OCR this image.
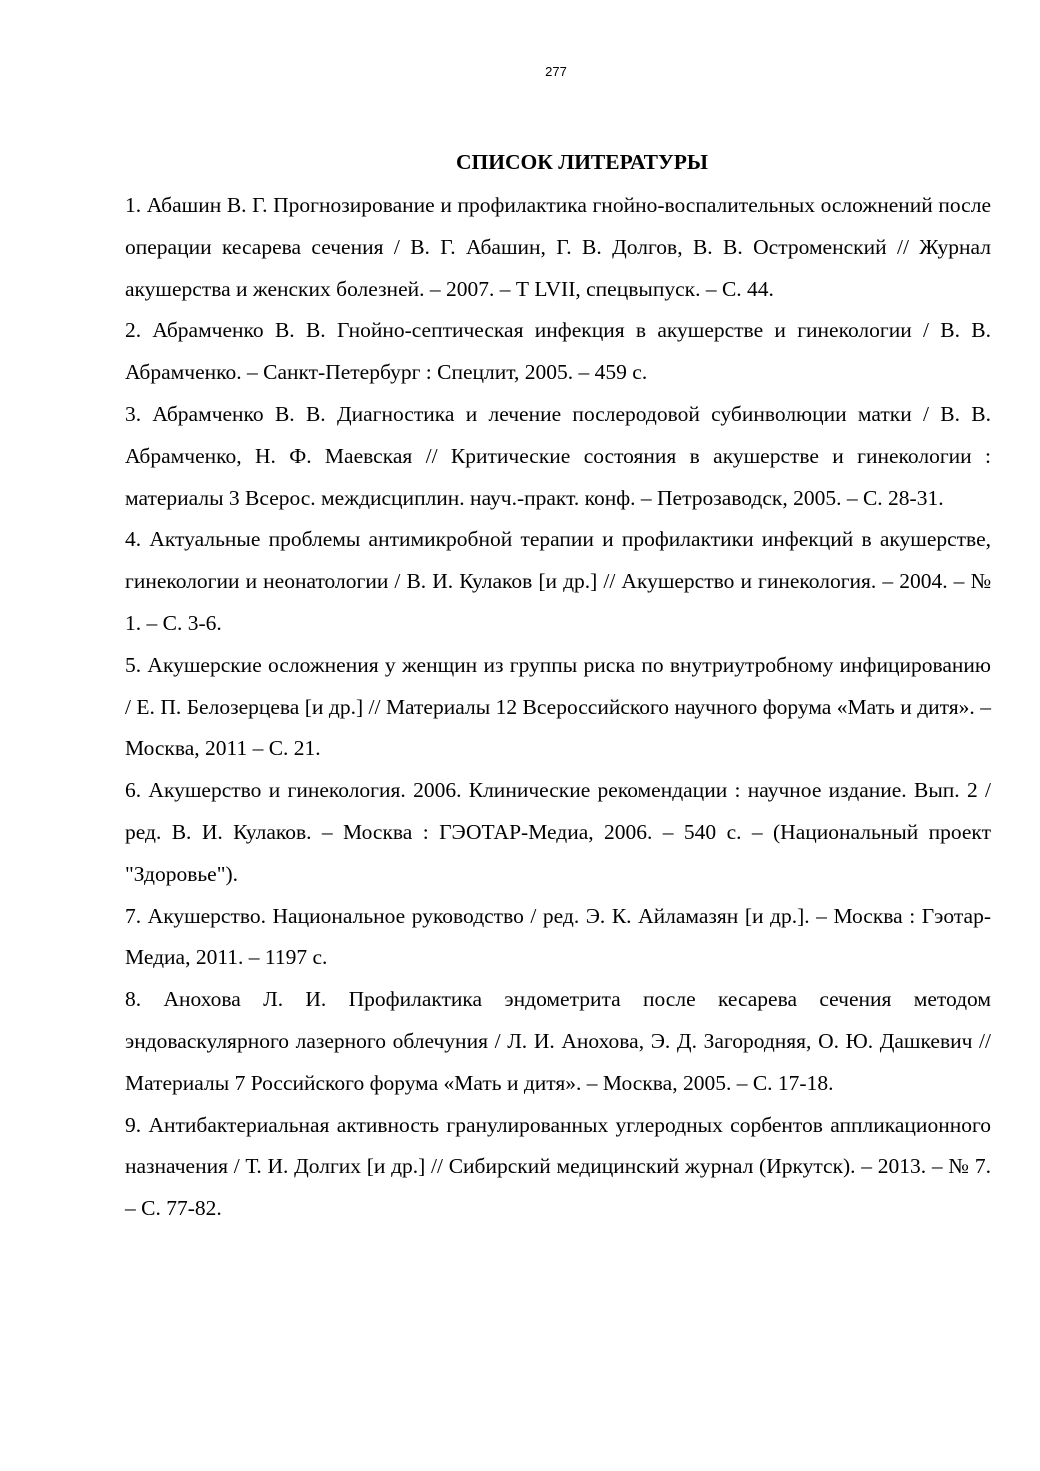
277
СПИСОК ЛИТЕРАТУРЫ
1. Абашин В. Г. Прогнозирование и профилактика гнойно-воспалительных осложнений после операции кесарева сечения / В. Г. Абашин, Г. В. Долгов, В. В. Остроменский // Журнал акушерства и женских болезней. – 2007. – Т LVII, спецвыпуск. – С. 44.
2. Абрамченко В. В. Гнойно-септическая инфекция в акушерстве и гинекологии / В. В. Абрамченко. – Санкт-Петербург : Спецлит, 2005. – 459 с.
3. Абрамченко В. В. Диагностика и лечение послеродовой субинволюции матки / В. В. Абрамченко, Н. Ф. Маевская // Критические состояния в акушерстве и гинекологии : материалы 3 Всерос. междисциплин. науч.-практ. конф. – Петрозаводск, 2005. – С. 28-31.
4. Актуальные проблемы антимикробной терапии и профилактики инфекций в акушерстве, гинекологии и неонатологии / В. И. Кулаков [и др.] // Акушерство и гинекология. – 2004. – № 1. – С. 3-6.
5. Акушерские осложнения у женщин из группы риска по внутриутробному инфицированию / Е. П. Белозерцева [и др.] // Материалы 12 Всероссийского научного форума «Мать и дитя». – Москва, 2011 – С. 21.
6. Акушерство и гинекология. 2006. Клинические рекомендации : научное издание. Вып. 2 / ред. В. И. Кулаков. – Москва : ГЭОТАР-Медиа, 2006. – 540 с. – (Национальный проект "Здоровье").
7. Акушерство. Национальное руководство / ред. Э. К. Айламазян [и др.]. – Москва : Гэотар-Медиа, 2011. – 1197 с.
8. Анохова Л. И. Профилактика эндометрита после кесарева сечения методом эндоваскулярного лазерного облечуния / Л. И. Анохова, Э. Д. Загородняя, О. Ю. Дашкевич // Материалы 7 Российского форума «Мать и дитя». – Москва, 2005. – С. 17-18.
9. Антибактериальная активность гранулированных углеродных сорбентов аппликационного назначения / Т. И. Долгих [и др.] // Сибирский медицинский журнал (Иркутск). – 2013. – № 7. – С. 77-82.
